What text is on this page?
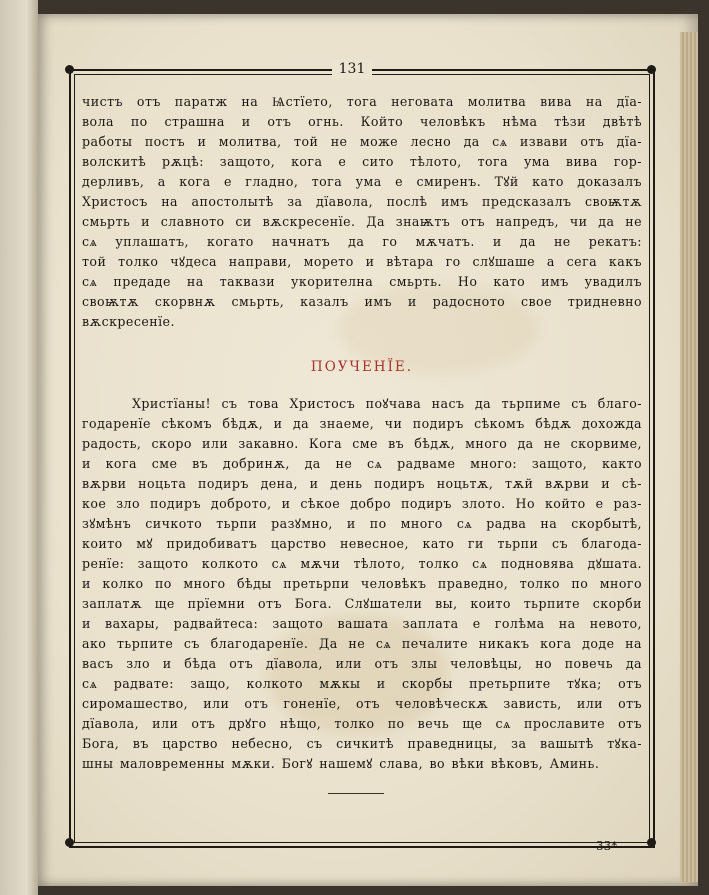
131
чистъ отъ паратж на Ѩстїето, тога неговата молитва вива на дїа-
вола по страшна и отъ огнь. Който человѣкъ нѣма тѣзи двѣтѣ
работы постъ и молитва, той не може лесно да сѧ извави отъ дїа-
волскитѣ рѫцѣ: защото, кога е сито тѣлото, тога ума вива гор-
дерливъ, а кога е гладно, тога ума е смиренъ. Тꙋй като доказалъ
Христосъ на апостолытѣ за дїавола, послѣ имъ предсказалъ своѭтѫ
смьрть и славното си вѫскресенїе. Да знаѭтъ отъ напредъ, чи да не
сѧ уплашатъ, когато начнатъ да го мѫчатъ. и да не рекатъ:
той толко чꙋдеса направи, морето и вѣтара го слꙋшаше а сега какъ
сѧ предаде на таквази укорителна смьрть. Но като имъ увадилъ
своѭтѫ скорвнѫ смьрть, казалъ имъ и радосното свое тридневно
вѫскресенїе.
ПОУЧЕНЇЕ.
Христїаны! съ това Христосъ поꙋчава насъ да тьрпиме съ благо-
годаренїе сѣкомъ бѣдѫ, и да знаеме, чи подиръ сѣкомъ бѣдѫ дохожда
радость, скоро или закавно. Кога сме въ бѣдѫ, много да не скорвиме,
и кога сме въ добринѫ, да не сѧ радваме много: защото, както
вѫрви ноцьта подиръ дена, и день подиръ ноцьтѫ, тѫй вѫрви и сѣ-
кое зло подиръ доброто, и сѣкое добро подиръ злото. Но който е раз-
зꙋмѣнъ сичкото тьрпи разꙋмно, и по много сѧ радва на скорбытѣ,
които мꙋ придобиватъ царство невесное, като ги тьрпи съ благода-
ренїе: защото колкото сѧ мѫчи тѣлото, толко сѧ подновява дꙋшата.
и колко по много бѣды претьрпи человѣкъ праведно, толко по много
заплатѫ ще прїемни отъ Бога. Слꙋшатели вы, които тьрпите скорби
и вахары, радвайтеса: защото вашата заплата е голѣма на невото,
ако тьрпите съ благодаренїе. Да не сѧ печалите никакъ кога доде на
васъ зло и бѣда отъ дїавола, или отъ злы человѣцы, но повечь да
сѧ радвате: защо, колкото мѫкы и скорбы претьрпите тꙋка; отъ
сиромашество, или отъ гоненїе, отъ человѣческѫ зависть, или отъ
дїавола, или отъ дрꙋго нѣщо, толко по вечь ще сѧ прославите отъ
Бога, въ царство небесно, съ сичкитѣ праведницы, за вашытѣ тꙋка-
шны маловременны мѫки. Богꙋ нашемꙋ слава, во вѣки вѣковъ, Аминь.
33*
